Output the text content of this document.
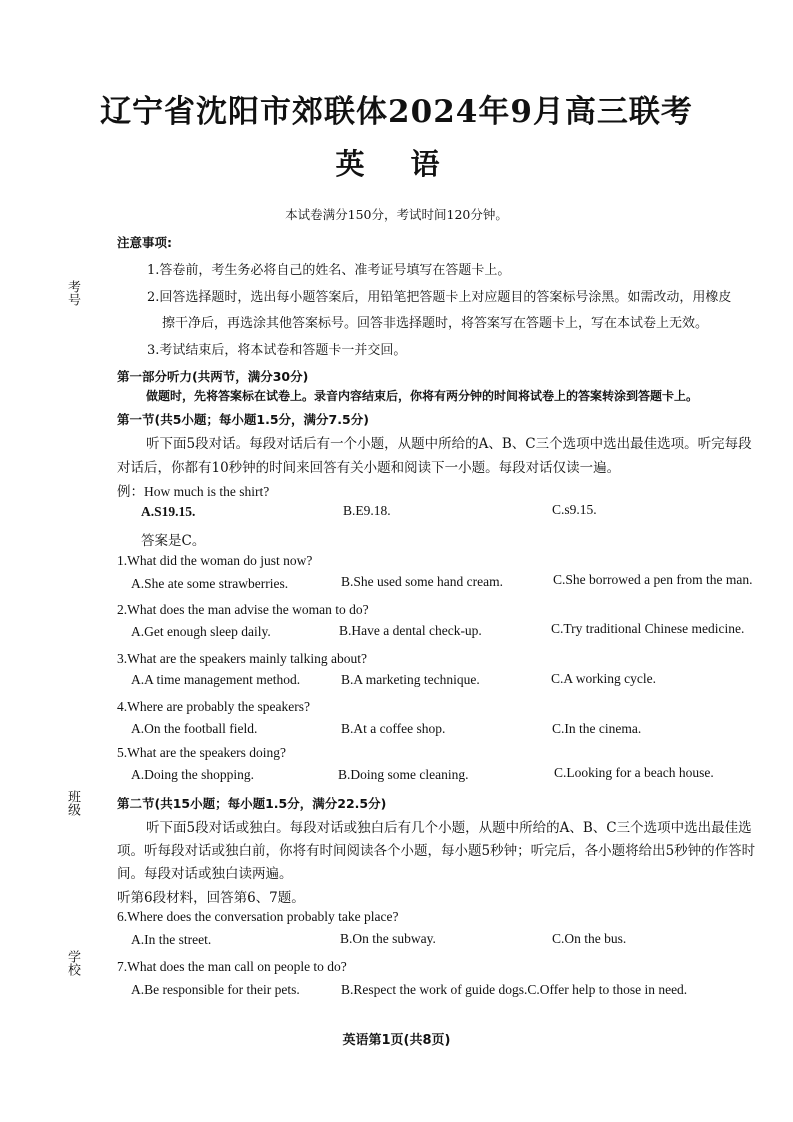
辽宁省沈阳市郊联体2024年9月高三联考
英 语
本试卷满分150分，考试时间120分钟。
考号
班级
学校
注意事项:
1.答卷前，考生务必将自己的姓名、准考证号填写在答题卡上。
2.回答选择题时，选出每小题答案后，用铅笔把答题卡上对应题目的答案标号涂黑。如需改动，用橡皮
擦干净后，再选涂其他答案标号。回答非选择题时，将答案写在答题卡上，写在本试卷上无效。
3.考试结束后，将本试卷和答题卡一并交回。
第一部分听力(共两节，满分30分)
做题时，先将答案标在试卷上。录音内容结束后，你将有两分钟的时间将试卷上的答案转涂到答题卡上。
第一节(共5小题；每小题1.5分，满分7.5分)
听下面5段对话。每段对话后有一个小题，从题中所给的A、B、C三个选项中选出最佳选项。听完每段
对话后，你都有10秒钟的时间来回答有关小题和阅读下一小题。每段对话仅读一遍。
例：How much is the shirt?
A.S19.15.	B.E9.18.	C.s9.15.
答案是C。
1.What did the woman do just now?
A.She ate some strawberries.	B.She used some hand cream.	C.She borrowed a pen from the man.
2.What does the man advise the woman to do?
A.Get enough sleep daily.	B.Have a dental check-up.	C.Try traditional Chinese medicine.
3.What are the speakers mainly talking about?
A.A time management method.	B.A marketing technique.	C.A working cycle.
4.Where are probably the speakers?
A.On the football field.	B.At a coffee shop.	C.In the cinema.
5.What are the speakers doing?
A.Doing the shopping.	B.Doing some cleaning.	C.Looking for a beach house.
第二节(共15小题；每小题1.5分，满分22.5分)
听下面5段对话或独白。每段对话或独白后有几个小题，从题中所给的A、B、C三个选项中选出最佳选
项。听每段对话或独白前，你将有时间阅读各个小题，每小题5秒钟；听完后，各小题将给出5秒钟的作答时
间。每段对话或独白读两遍。
听第6段材料，回答第6、7题。
6.Where does the conversation probably take place?
A.In the street.	B.On the subway.	C.On the bus.
7.What does the man call on people to do?
A.Be responsible for their pets.	B.Respect the work of guide dogs.C.Offer help to those in need.
英语第1页(共8页)
